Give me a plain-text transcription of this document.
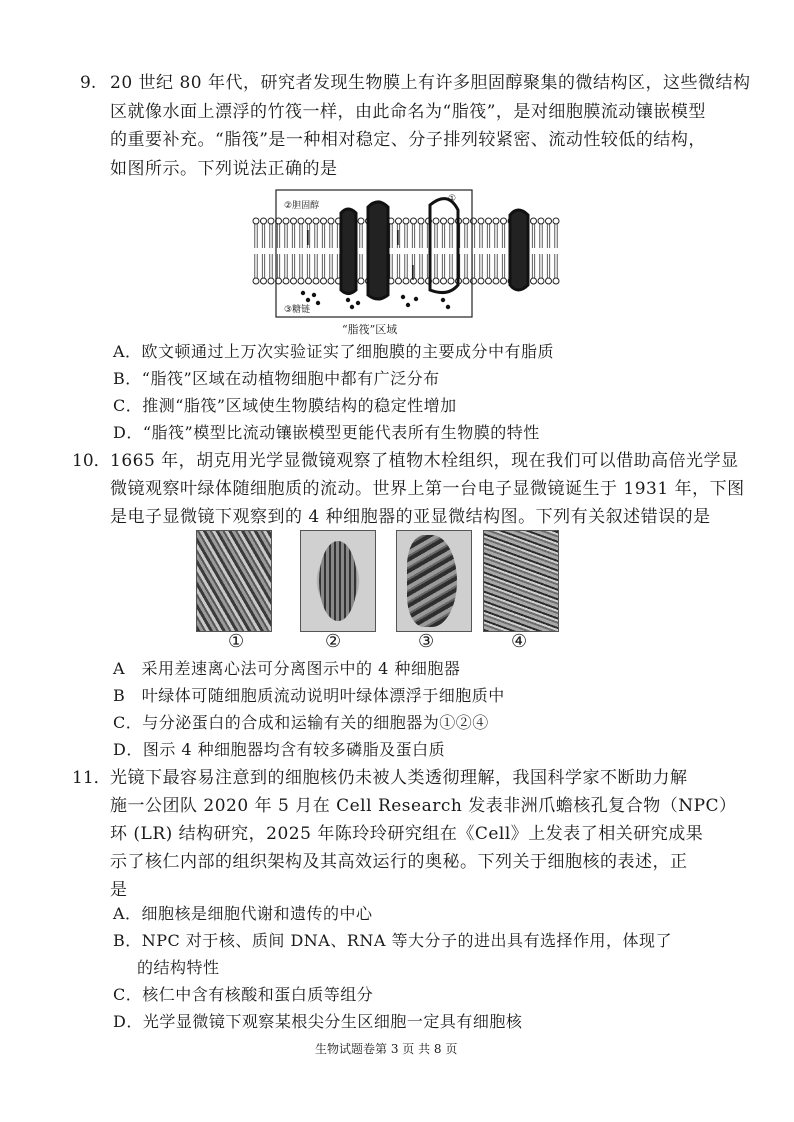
9. 20 世纪 80 年代，研究者发现生物膜上有许多胆固醇聚集的微结构区，这些微结构
区就像水面上漂浮的竹筏一样，由此命名为“脂筏”，是对细胞膜流动镶嵌模型
的重要补充。“脂筏”是一种相对稳定、分子排列较紧密、流动性较低的结构，
如图所示。下列说法正确的是
②胆固醇
③糖链
①
“脂筏”区域
A．欧文顿通过上万次实验证实了细胞膜的主要成分中有脂质
B．“脂筏”区域在动植物细胞中都有广泛分布
C．推测“脂筏”区域使生物膜结构的稳定性增加
D．“脂筏”模型比流动镶嵌模型更能代表所有生物膜的特性
10． 1665 年，胡克用光学显微镜观察了植物木栓组织，现在我们可以借助高倍光学显
微镜观察叶绿体随细胞质的流动。世界上第一台电子显微镜诞生于 1931 年，下图
是电子显微镜下观察到的 4 种细胞器的亚显微结构图。下列有关叙述错误的是
①	②	③	④
A　采用差速离心法可分离图示中的 4 种细胞器
B　叶绿体可随细胞质流动说明叶绿体漂浮于细胞质中
C．与分泌蛋白的合成和运输有关的细胞器为①②④
D．图示 4 种细胞器均含有较多磷脂及蛋白质
11． 光镜下最容易注意到的细胞核仍未被人类透彻理解，我国科学家不断助力解
施一公团队 2020 年 5 月在 Cell Research 发表非洲爪蟾核孔复合物（NPC）
环 (LR) 结构研究，2025 年陈玲玲研究组在《Cell》上发表了相关研究成果
示了核仁内部的组织架构及其高效运行的奥秘。下列关于细胞核的表述，正
是
A．细胞核是细胞代谢和遗传的中心
B．NPC 对于核、质间 DNA、RNA 等大分子的进出具有选择作用，体现了
的结构特性
C．核仁中含有核酸和蛋白质等组分
D．光学显微镜下观察某根尖分生区细胞一定具有细胞核
生物试题卷第 3 页 共 8 页
